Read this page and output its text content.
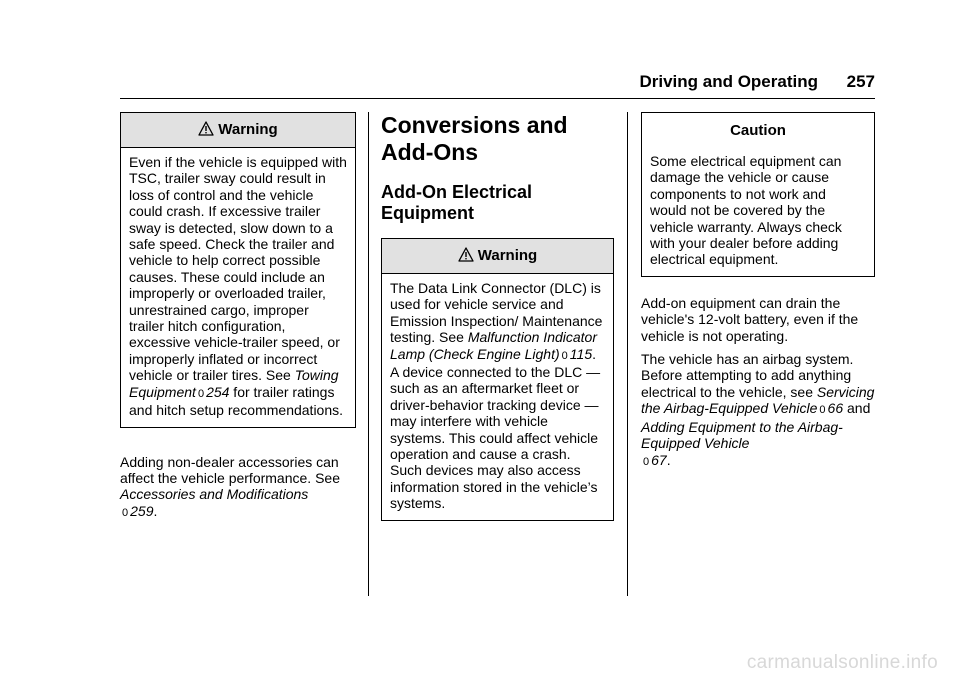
Driving and Operating 257
Warning

Even if the vehicle is equipped with TSC, trailer sway could result in loss of control and the vehicle could crash. If excessive trailer sway is detected, slow down to a safe speed. Check the trailer and vehicle to help correct possible causes. These could include an improperly or overloaded trailer, unrestrained cargo, improper trailer hitch configuration, excessive vehicle-trailer speed, or improperly inflated or incorrect vehicle or trailer tires. See Towing Equipment 0 254 for trailer ratings and hitch setup recommendations.

Adding non-dealer accessories can affect the vehicle performance. See Accessories and Modifications
0 259.

Conversions and Add-Ons
Add-On Electrical Equipment
Warning

The Data Link Connector (DLC) is used for vehicle service and Emission Inspection/ Maintenance testing. See Malfunction Indicator Lamp (Check Engine Light) 0 115.
A device connected to the DLC — such as an aftermarket fleet or driver-behavior tracking device — may interfere with vehicle systems. This could affect vehicle operation and cause a crash. Such devices may also access information stored in the vehicle’s systems.

Caution

Some electrical equipment can damage the vehicle or cause components to not work and would not be covered by the vehicle warranty. Always check with your dealer before adding electrical equipment.

Add-on equipment can drain the vehicle's 12-volt battery, even if the vehicle is not operating.

The vehicle has an airbag system. Before attempting to add anything electrical to the vehicle, see Servicing the Airbag-Equipped Vehicle 0 66 and Adding Equipment to the Airbag-Equipped Vehicle
0 67.

carmanualsonline.info
